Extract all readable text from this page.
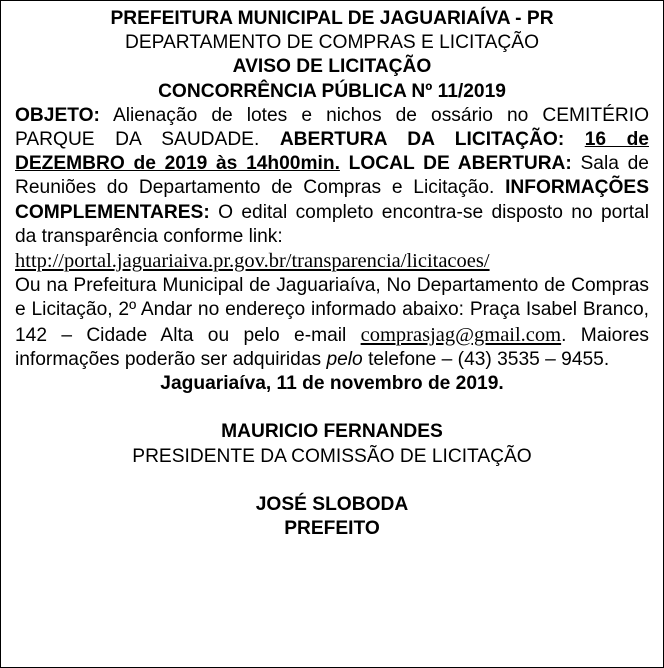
PREFEITURA MUNICIPAL DE JAGUARIAÍVA - PR

DEPARTAMENTO DE COMPRAS E LICITAÇÃO

AVISO DE LICITAÇÃO

CONCORRÊNCIA PÚBLICA Nº 11/2019

OBJETO: Alienação de lotes e nichos de ossário no CEMITÉRIO PARQUE DA SAUDADE. ABERTURA DA LICITAÇÃO: 16 de DEZEMBRO de 2019 às 14h00min. LOCAL DE ABERTURA: Sala de Reuniões do Departamento de Compras e Licitação. INFORMAÇÕES COMPLEMENTARES: O edital completo encontra-se disposto no portal da transparência conforme link:

http://portal.jaguariaiva.pr.gov.br/transparencia/licitacoes/

Ou na Prefeitura Municipal de Jaguariaíva, No Departamento de Compras e Licitação, 2º Andar no endereço informado abaixo: Praça Isabel Branco, 142 – Cidade Alta ou pelo e-mail comprasjag@gmail.com. Maiores informações poderão ser adquiridas pelo telefone – (43) 3535 – 9455.

Jaguariaíva, 11 de novembro de 2019.

MAURICIO FERNANDES

PRESIDENTE DA COMISSÃO DE LICITAÇÃO

JOSÉ SLOBODA

PREFEITO
